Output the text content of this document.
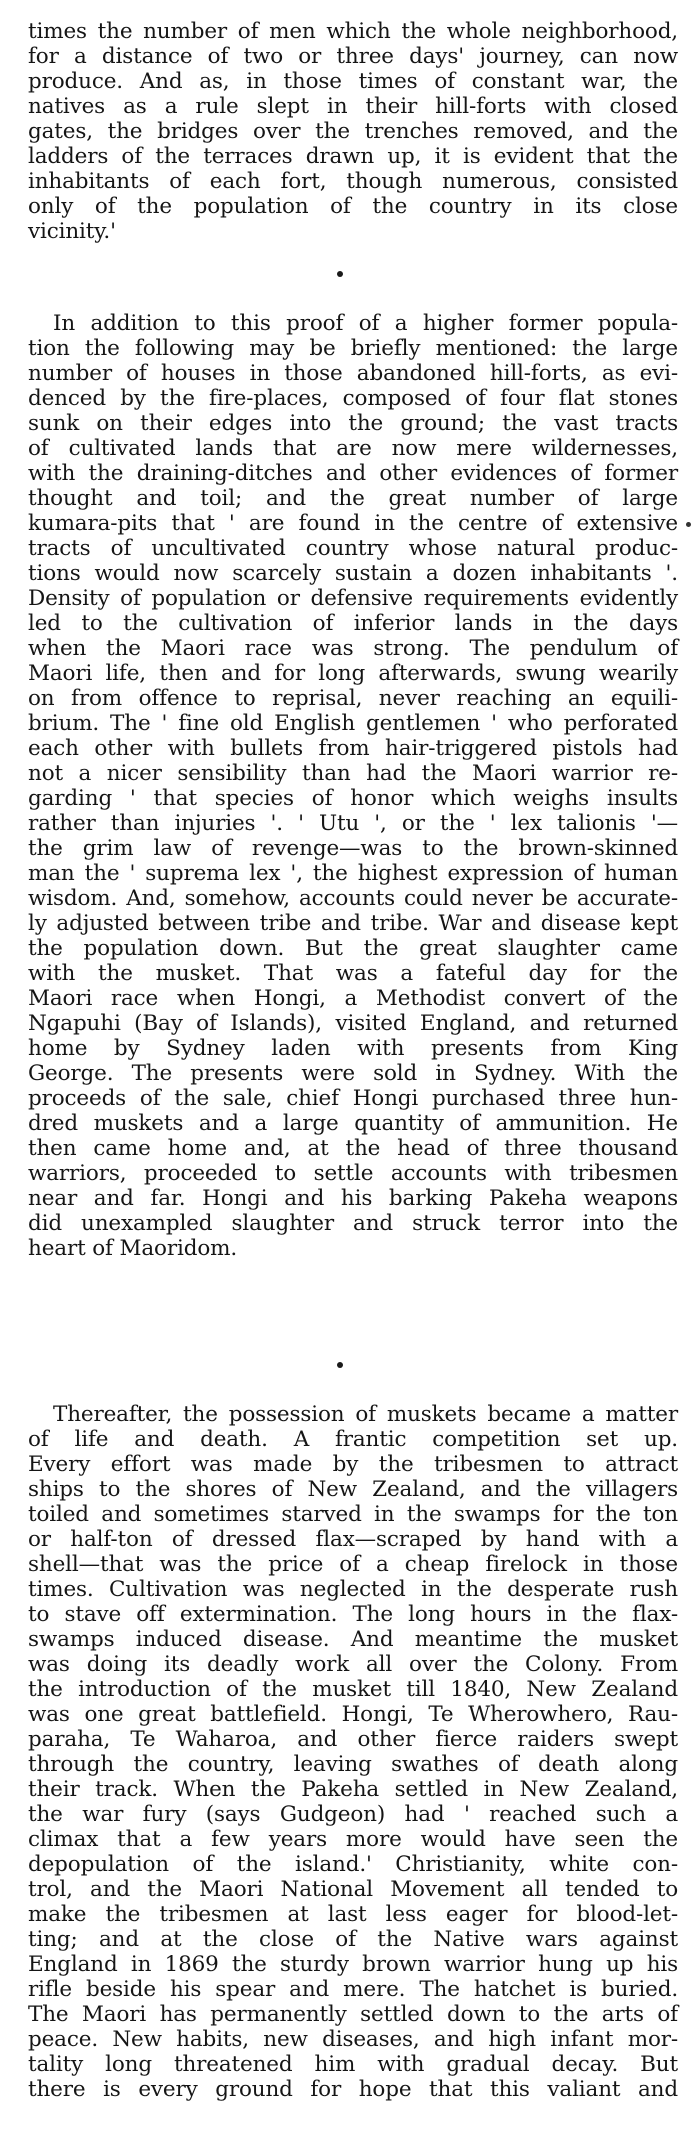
times the number of men which the whole neighborhood,
for a distance of two or three days' journey, can now
produce. And as, in those times of constant war, the
natives as a rule slept in their hill-forts with closed
gates, the bridges over the trenches removed, and the
ladders of the terraces drawn up, it is evident that the
inhabitants of each fort, though numerous, consisted
only of the population of the country in its close
vicinity.'
In addition to this proof of a higher former popula-
tion the following may be briefly mentioned: the large
number of houses in those abandoned hill-forts, as evi-
denced by the fire-places, composed of four flat stones
sunk on their edges into the ground; the vast tracts
of cultivated lands that are now mere wildernesses,
with the draining-ditches and other evidences of former
thought and toil; and the great number of large
kumara-pits that ' are found in the centre of extensive
tracts of uncultivated country whose natural produc-
tions would now scarcely sustain a dozen inhabitants '.
Density of population or defensive requirements evidently
led to the cultivation of inferior lands in the days
when the Maori race was strong. The pendulum of
Maori life, then and for long afterwards, swung wearily
on from offence to reprisal, never reaching an equili-
brium. The ' fine old English gentlemen ' who perforated
each other with bullets from hair-triggered pistols had
not a nicer sensibility than had the Maori warrior re-
garding ' that species of honor which weighs insults
rather than injuries '. ' Utu ', or the ' lex talionis '—
the grim law of revenge—was to the brown-skinned
man the ' suprema lex ', the highest expression of human
wisdom. And, somehow, accounts could never be accurate-
ly adjusted between tribe and tribe. War and disease kept
the population down. But the great slaughter came
with the musket. That was a fateful day for the
Maori race when Hongi, a Methodist convert of the
Ngapuhi (Bay of Islands), visited England, and returned
home by Sydney laden with presents from King
George. The presents were sold in Sydney. With the
proceeds of the sale, chief Hongi purchased three hun-
dred muskets and a large quantity of ammunition. He
then came home and, at the head of three thousand
warriors, proceeded to settle accounts with tribesmen
near and far. Hongi and his barking Pakeha weapons
did unexampled slaughter and struck terror into the
heart of Maoridom.
Thereafter, the possession of muskets became a matter
of life and death. A frantic competition set up.
Every effort was made by the tribesmen to attract
ships to the shores of New Zealand, and the villagers
toiled and sometimes starved in the swamps for the ton
or half-ton of dressed flax—scraped by hand with a
shell—that was the price of a cheap firelock in those
times. Cultivation was neglected in the desperate rush
to stave off extermination. The long hours in the flax-
swamps induced disease. And meantime the musket
was doing its deadly work all over the Colony. From
the introduction of the musket till 1840, New Zealand
was one great battlefield. Hongi, Te Wherowhero, Rau-
paraha, Te Waharoa, and other fierce raiders swept
through the country, leaving swathes of death along
their track. When the Pakeha settled in New Zealand,
the war fury (says Gudgeon) had ' reached such a
climax that a few years more would have seen the
depopulation of the island.' Christianity, white con-
trol, and the Maori National Movement all tended to
make the tribesmen at last less eager for blood-let-
ting; and at the close of the Native wars against
England in 1869 the sturdy brown warrior hung up his
rifle beside his spear and mere. The hatchet is buried.
The Maori has permanently settled down to the arts of
peace. New habits, new diseases, and high infant mor-
tality long threatened him with gradual decay. But
there is every ground for hope that this valiant and
